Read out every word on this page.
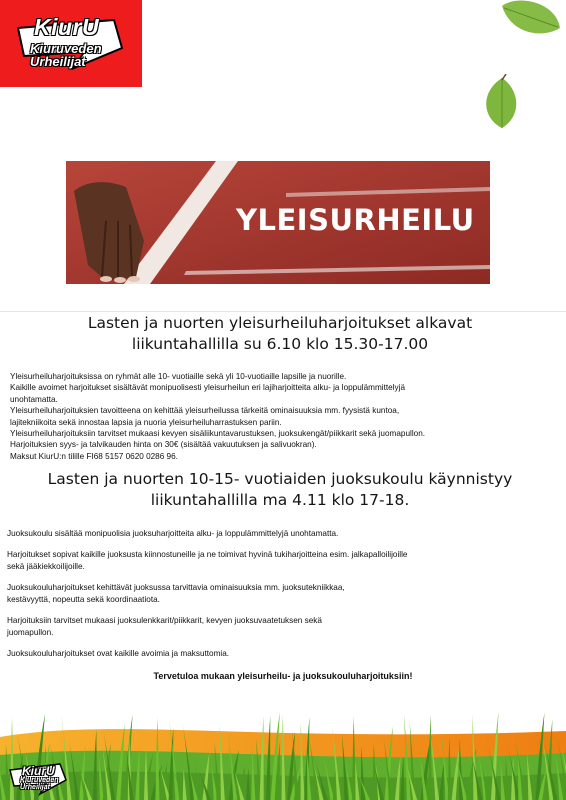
KiurU
Kiuruveden
Urheilijat
YLEISURHEILU
Lasten ja nuorten yleisurheiluharjoitukset alkavat
liikuntahallilla su 6.10 klo 15.30-17.00
Yleisurheiluharjoituksissa on ryhmät alle 10- vuotiaille sekä yli 10-vuotiaille lapsille ja nuorille.
Kaikille avoimet harjoitukset sisältävät monipuolisesti yleisurheilun eri lajiharjoitteita alku- ja loppulämmittelyjä
unohtamatta.
Yleisurheiluharjoituksien tavoitteena on kehittää yleisurheilussa tärkeitä ominaisuuksia mm. fyysistä kuntoa,
lajitekniikoita sekä innostaa lapsia ja nuoria yleisurheiluharrastuksen pariin.
Yleisurheiluharjoituksiin tarvitset mukaasi kevyen sisäliikuntavarustuksen, juoksukengät/piikkarit sekä juomapullon.
Harjoituksien syys- ja talvikauden hinta on 30€ (sisältää vakuutuksen ja salivuokran).
Maksut KiurU:n tilille FI68 5157 0620 0286 96.
Lasten ja nuorten 10-15- vuotiaiden juoksukoulu käynnistyy
liikuntahallilla ma 4.11 klo 17-18.
Juoksukoulu sisältää monipuolisia juoksuharjoitteita alku- ja loppulämmittelyjä unohtamatta.
Harjoitukset sopivat kaikille juoksusta kiinnostuneille ja ne toimivat hyvinä tukiharjoitteina esim. jalkapalloilijoille
sekä jääkiekkoilijoille.
Juoksukouluharjoitukset kehittävät juoksussa tarvittavia ominaisuuksia mm. juoksutekniikkaa,
kestävyyttä, nopeutta sekä koordinaatiota.
Harjoituksiin tarvitset mukaasi juoksulenkkarit/piikkarit, kevyen juoksuvaatetuksen sekä
juomapullon.
Juoksukouluharjoitukset ovat kaikille avoimia ja maksuttomia.
Tervetuloa mukaan yleisurheilu- ja juoksukouluharjoituksiin!
KiurU
Kiuruveden
Urheilijat
